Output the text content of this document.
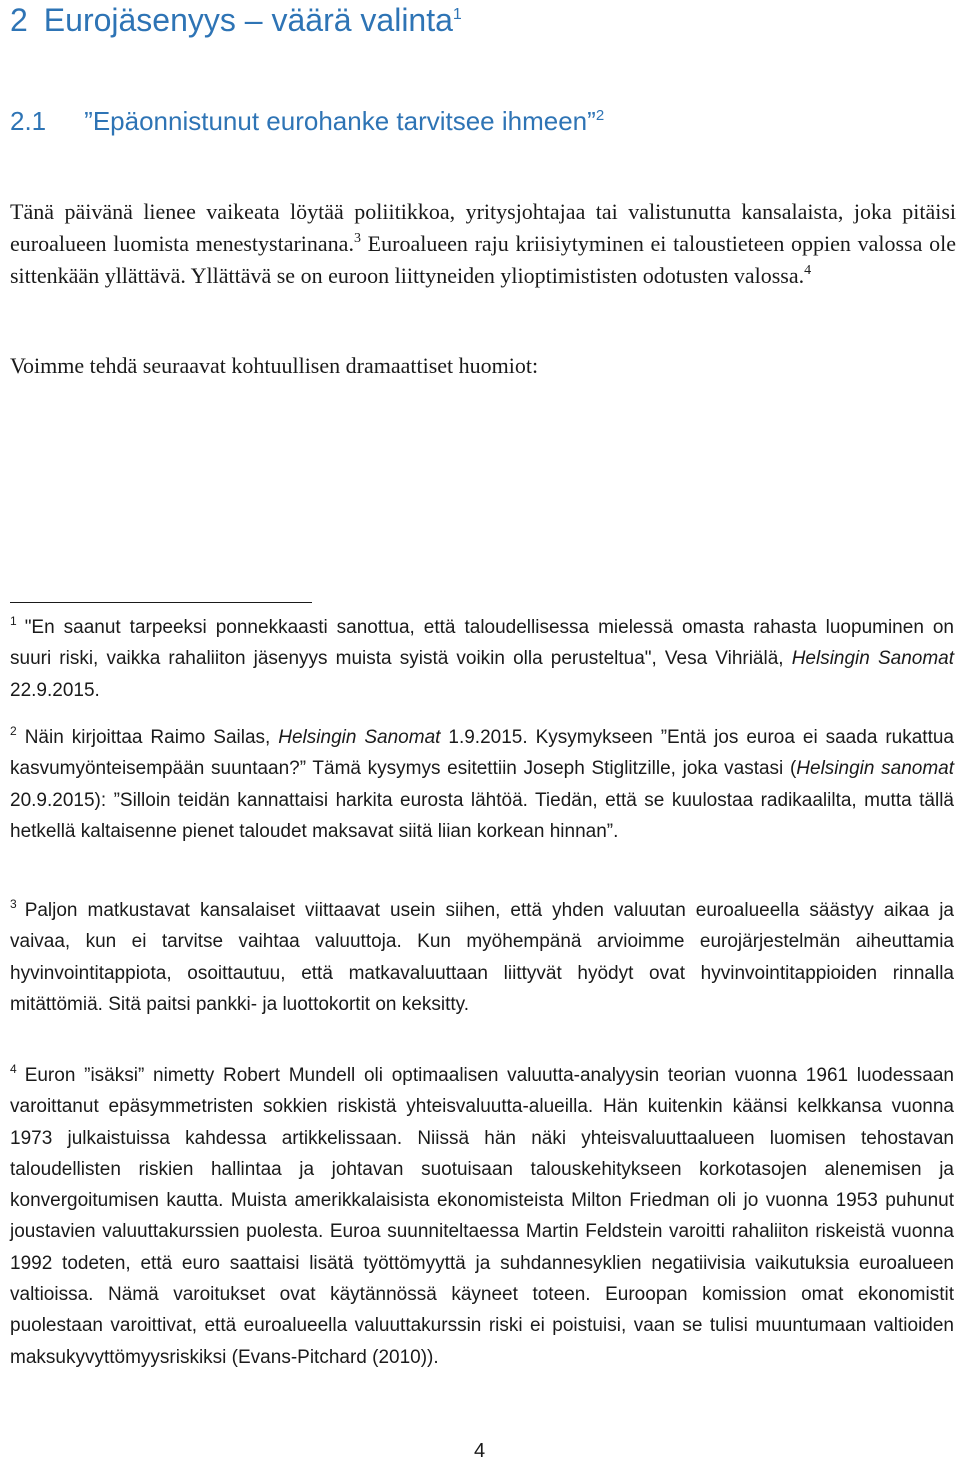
2 Eurojäsenyys – väärä valinta$^1$
2.1 ”Epäonnistunut eurohanke tarvitsee ihmeen”$^2$
Tänä päivänä lienee vaikeata löytää poliitikkoa, yritysjohtajaa tai valistunutta kansalaista, joka pitäisi euroalueen luomista menestystarinana.$^3$ Euroalueen raju kriisiytyminen ei taloustieteen oppien valossa ole sittenkään yllättävä. Yllättävä se on euroon liittyneiden ylioptimististen odotusten valossa.$^4$
Voimme tehdä seuraavat kohtuullisen dramaattiset huomiot:
$^1$ "En saanut tarpeeksi ponnekkaasti sanottua, että taloudellisessa mielessä omasta rahasta luopuminen on suuri riski, vaikka rahaliiton jäsenyys muista syistä voikin olla perusteltua", Vesa Vihriälä, Helsingin Sanomat 22.9.2015.
$^2$ Näin kirjoittaa Raimo Sailas, Helsingin Sanomat 1.9.2015. Kysymykseen ”Entä jos euroa ei saada rukattua kasvumyönteisempään suuntaan?” Tämä kysymys esitettiin Joseph Stiglitzille, joka vastasi (Helsingin sanomat 20.9.2015): ”Silloin teidän kannattaisi harkita eurosta lähtöä. Tiedän, että se kuulostaa radikaalilta, mutta tällä hetkellä kaltaisenne pienet taloudet maksavat siitä liian korkean hinnan”.
$^3$ Paljon matkustavat kansalaiset viittaavat usein siihen, että yhden valuutan euroalueella säästyy aikaa ja vaivaa, kun ei tarvitse vaihtaa valuuttoja. Kun myöhempänä arvioimme eurojärjestelmän aiheuttamia hyvinvointitappiota, osoittautuu, että matkavaluuttaan liittyvät hyödyt ovat hyvinvointitappioiden rinnalla mitättömiä. Sitä paitsi pankki- ja luottokortit on keksitty.
$^4$ Euron ”isäksi” nimetty Robert Mundell oli optimaalisen valuutta-analyysin teorian vuonna 1961 luodessaan varoittanut epäsymmetristen sokkien riskistä yhteisvaluutta-alueilla. Hän kuitenkin käänsi kelkkansa vuonna 1973 julkaistuissa kahdessa artikkelissaan. Niissä hän näki yhteisvaluuttaalueen luomisen tehostavan taloudellisten riskien hallintaa ja johtavan suotuisaan talouskehitykseen korkotasojen alenemisen ja konvergoitumisen kautta. Muista amerikkalaisista ekonomisteista Milton Friedman oli jo vuonna 1953 puhunut joustavien valuuttakurssien puolesta. Euroa suunniteltaessa Martin Feldstein varoitti rahaliiton riskeistä vuonna 1992 todeten, että euro saattaisi lisätä työttömyyttä ja suhdannesyklien negatiivisia vaikutuksia euroalueen valtioissa. Nämä varoitukset ovat käytännössä käyneet toteen. Euroopan komission omat ekonomistit puolestaan varoittivat, että euroalueella valuuttakurssin riski ei poistuisi, vaan se tulisi muuntumaan valtioiden maksukyvyttömyysriskiksi (Evans-Pitchard (2010)).
4
